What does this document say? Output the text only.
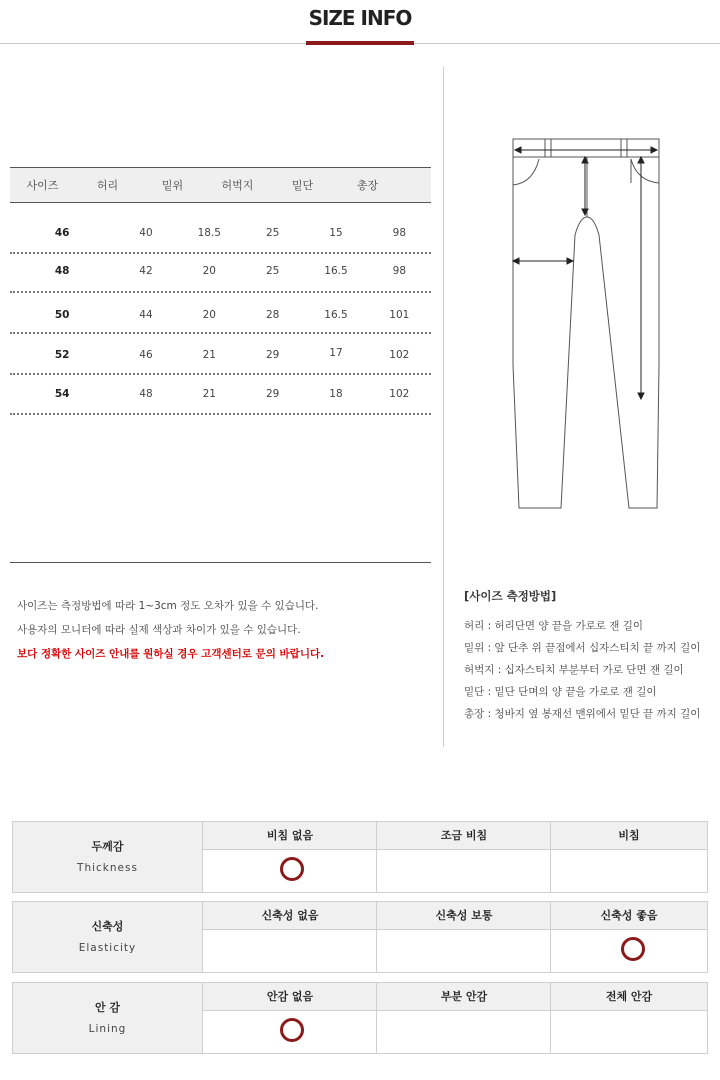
SIZE INFO
사이즈	허리	밑위	허벅지	밑단	총장
46	40	18.5	25	15	98
48	42	20	25	16.5	98
50	44	20	28	16.5	101
52	46	21	29	17	102
54	48	21	29	18	102
사이즈는 측정방법에 따라 1~3cm 정도 오차가 있을 수 있습니다.
사용자의 모니터에 따라 실제 색상과 차이가 있을 수 있습니다.
보다 정확한 사이즈 안내를 원하실 경우 고객센터로 문의 바랍니다.
[사이즈 측정방법]
허리 : 허리단면 양 끝을 가로로 잰 길이
밑위 : 앞 단추 위 끝점에서 십자스티치 끝 까지 길이
허벅지 : 십자스티치 부분부터 가로 단면 잰 길이
밑단 : 밑단 단며의 양 끝을 가로로 잰 길이
총장 : 청바지 옆 봉재선 맨위에서 밑단 끝 까지 길이
두께감
Thickness
비침 없음	조금 비침	비침
신축성
Elasticity
신축성 없음	신축성 보통	신축성 좋음
안 감
Lining
안감 없음	부분 안감	전체 안감
